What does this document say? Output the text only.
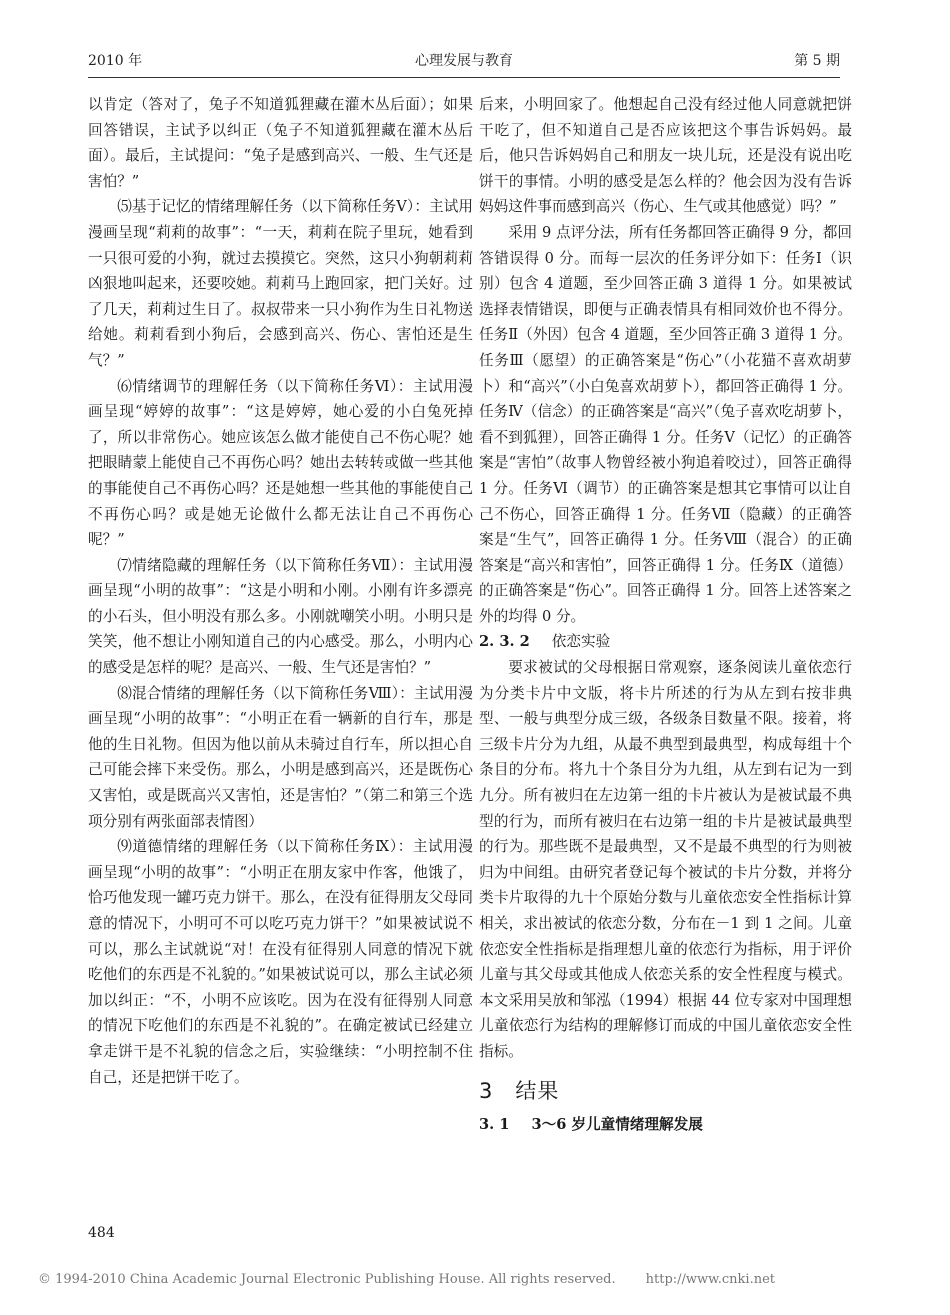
2010 年	心理发展与教育	第 5 期

以肯定（答对了，兔子不知道狐狸藏在灌木丛后面）；如果回答错误，主试予以纠正（兔子不知道狐狸藏在灌木丛后面）。最后，主试提问：“兔子是感到高兴、一般、生气还是害怕？”

⑸基于记忆的情绪理解任务（以下简称任务Ⅴ）：主试用漫画呈现“莉莉的故事”：“一天，莉莉在院子里玩，她看到一只很可爱的小狗，就过去摸摸它。突然，这只小狗朝莉莉凶狠地叫起来，还要咬她。莉莉马上跑回家，把门关好。过了几天，莉莉过生日了。叔叔带来一只小狗作为生日礼物送给她。莉莉看到小狗后，会感到高兴、伤心、害怕还是生气？”

⑹情绪调节的理解任务（以下简称任务Ⅵ）：主试用漫画呈现“婷婷的故事”：“这是婷婷，她心爱的小白兔死掉了，所以非常伤心。她应该怎么做才能使自己不伤心呢？她把眼睛蒙上能使自己不再伤心吗？她出去转转或做一些其他的事能使自己不再伤心吗？还是她想一些其他的事能使自己不再伤心吗？或是她无论做什么都无法让自己不再伤心呢？”

⑺情绪隐藏的理解任务（以下简称任务Ⅶ）：主试用漫画呈现“小明的故事”：“这是小明和小刚。小刚有许多漂亮的小石头，但小明没有那么多。小刚就嘲笑小明。小明只是笑笑，他不想让小刚知道自己的内心感受。那么，小明内心的感受是怎样的呢？是高兴、一般、生气还是害怕？”

⑻混合情绪的理解任务（以下简称任务Ⅷ）：主试用漫画呈现“小明的故事”：“小明正在看一辆新的自行车，那是他的生日礼物。但因为他以前从未骑过自行车，所以担心自己可能会摔下来受伤。那么，小明是感到高兴，还是既伤心又害怕，或是既高兴又害怕，还是害怕？”（第二和第三个选项分别有两张面部表情图）

⑼道德情绪的理解任务（以下简称任务Ⅸ）：主试用漫画呈现“小明的故事”：“小明正在朋友家中作客，他饿了，恰巧他发现一罐巧克力饼干。那么，在没有征得朋友父母同意的情况下，小明可不可以吃巧克力饼干？”如果被试说不可以，那么主试就说“对！在没有征得别人同意的情况下就吃他们的东西是不礼貌的。”如果被试说可以，那么主试必须加以纠正：“不，小明不应该吃。因为在没有征得别人同意的情况下吃他们的东西是不礼貌的”。在确定被试已经建立拿走饼干是不礼貌的信念之后，实验继续：“小明控制不住自己，还是把饼干吃了。

后来，小明回家了。他想起自己没有经过他人同意就把饼干吃了，但不知道自己是否应该把这个事告诉妈妈。最后，他只告诉妈妈自己和朋友一块儿玩，还是没有说出吃饼干的事情。小明的感受是怎么样的？他会因为没有告诉妈妈这件事而感到高兴（伤心、生气或其他感觉）吗？”

采用 9 点评分法，所有任务都回答正确得 9 分，都回答错误得 0 分。而每一层次的任务评分如下：任务Ⅰ（识别）包含 4 道题，至少回答正确 3 道得 1 分。如果被试选择表情错误，即便与正确表情具有相同效价也不得分。任务Ⅱ（外因）包含 4 道题，至少回答正确 3 道得 1 分。任务Ⅲ（愿望）的正确答案是“伤心”（小花猫不喜欢胡萝卜）和“高兴”（小白兔喜欢胡萝卜），都回答正确得 1 分。任务Ⅳ（信念）的正确答案是“高兴”（兔子喜欢吃胡萝卜，看不到狐狸），回答正确得 1 分。任务Ⅴ（记忆）的正确答案是“害怕”（故事人物曾经被小狗追着咬过），回答正确得 1 分。任务Ⅵ（调节）的正确答案是想其它事情可以让自己不伤心，回答正确得 1 分。任务Ⅶ（隐藏）的正确答案是“生气”，回答正确得 1 分。任务Ⅷ（混合）的正确答案是“高兴和害怕”，回答正确得 1 分。任务Ⅸ（道德）的正确答案是“伤心”。回答正确得 1 分。回答上述答案之外的均得 0 分。

2. 3. 2 依恋实验

要求被试的父母根据日常观察，逐条阅读儿童依恋行为分类卡片中文版，将卡片所述的行为从左到右按非典型、一般与典型分成三级，各级条目数量不限。接着，将三级卡片分为九组，从最不典型到最典型，构成每组十个条目的分布。将九十个条目分为九组，从左到右记为一到九分。所有被归在左边第一组的卡片被认为是被试最不典型的行为，而所有被归在右边第一组的卡片是被试最典型的行为。那些既不是最典型，又不是最不典型的行为则被归为中间组。由研究者登记每个被试的卡片分数，并将分类卡片取得的九十个原始分数与儿童依恋安全性指标计算相关，求出被试的依恋分数，分布在－1 到 1 之间。儿童依恋安全性指标是指理想儿童的依恋行为指标，用于评价儿童与其父母或其他成人依恋关系的安全性程度与模式。本文采用吴放和邹泓（1994）根据 44 位专家对中国理想儿童依恋行为结构的理解修订而成的中国儿童依恋安全性指标。

3 结果

3. 1 3～6 岁儿童情绪理解发展

484
© 1994-2010 China Academic Journal Electronic Publishing House. All rights reserved. http://www.cnki.net
